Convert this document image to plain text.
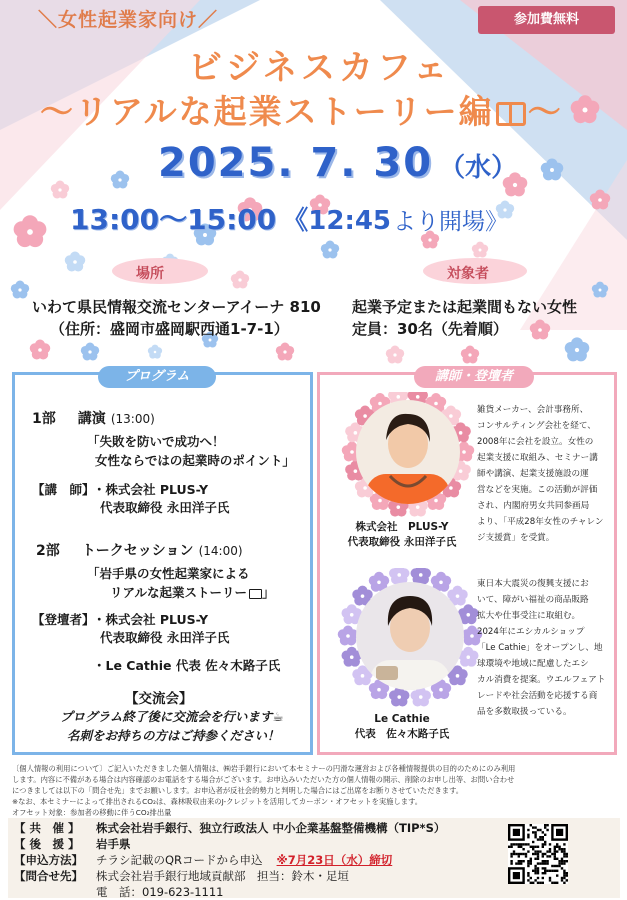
＼女性起業家向け／	参加費無料
ビジネスカフェ
～リアルな起業ストーリー編 ～
2025. 7. 30 （水）
13:00～15:00 《12:45 より開場》
場所	対象者
いわて県民情報交流センターアイーナ 810
（住所：盛岡市盛岡駅西通1-7-1）
起業予定または起業間もない女性
定員：30名（先着順）
プログラム	講師・登壇者
1部 講演 (13:00)
「失敗を防いで成功へ！
女性ならではの起業時のポイント」
【講　師】
・株式会社 PLUS-Y
代表取締役 永田洋子氏
2部 トークセッション (14:00)
「岩手県の女性起業家による
リアルな起業ストーリー 」
【登壇者】
・株式会社 PLUS-Y
代表取締役 永田洋子氏
・Le Cathie 代表 佐々木路子氏
【交流会】
プログラム終了後に交流会を行います☕
名刺をお持ちの方はご持参ください！
株式会社　PLUS-Y
代表取締役 永田洋子氏
雑貨メーカー、会計事務所、
コンサルティング会社を経て、
2008年に会社を設立。女性の
起業支援に取組み、セミナー講
師や講演、起業支援施設の運
営などを実施。この活動が評価
され、内閣府男女共同参画局
より、「平成28年女性のチャレン
ジ支援賞」を受賞。
Le Cathie
代表　佐々木路子氏
東日本大震災の復興支援にお
いて、障がい福祉の商品販路
拡大や仕事受注に取組む。
2024年にエシカルショップ
「Le Cathie」をオープンし、地
球環境や地域に配慮したエシ
カル消費を提案。ウエルフェアト
レードや社会活動を応援する商
品を多数取扱っている。
〔個人情報の利用について〕ご記入いただきました個人情報は、㈱岩手銀行において本セミナーの円滑な運営および各種情報提供の目的のためにのみ利用
します。内容に不備がある場合は内容確認のお電話をする場合がございます。お申込みいただいた方の個人情報の開示、削除のお申し出等、お問い合わせ
につきましては以下の「問合せ先」までお願いします。お申込者が反社会的勢力と判明した場合にはご出席をお断りさせていただきます。
※なお、本セミナーによって排出されるCO₂は、森林吸収由来のJ-クレジットを活用してカーボン・オフセットを実施します。
オフセット対象：参加者の移動に伴うCO₂排出量
【 共　催 】	株式会社岩手銀行、独立行政法人 中小企業基盤整備機構（TIP*S）
【 後　援 】	岩手県
【申込方法】	チラシ記載のQRコードから申込 ※7月23日（水）締切
【問合せ先】	株式会社岩手銀行地域貢献部　担当：鈴木・足垣
電　話：019-623-1111
